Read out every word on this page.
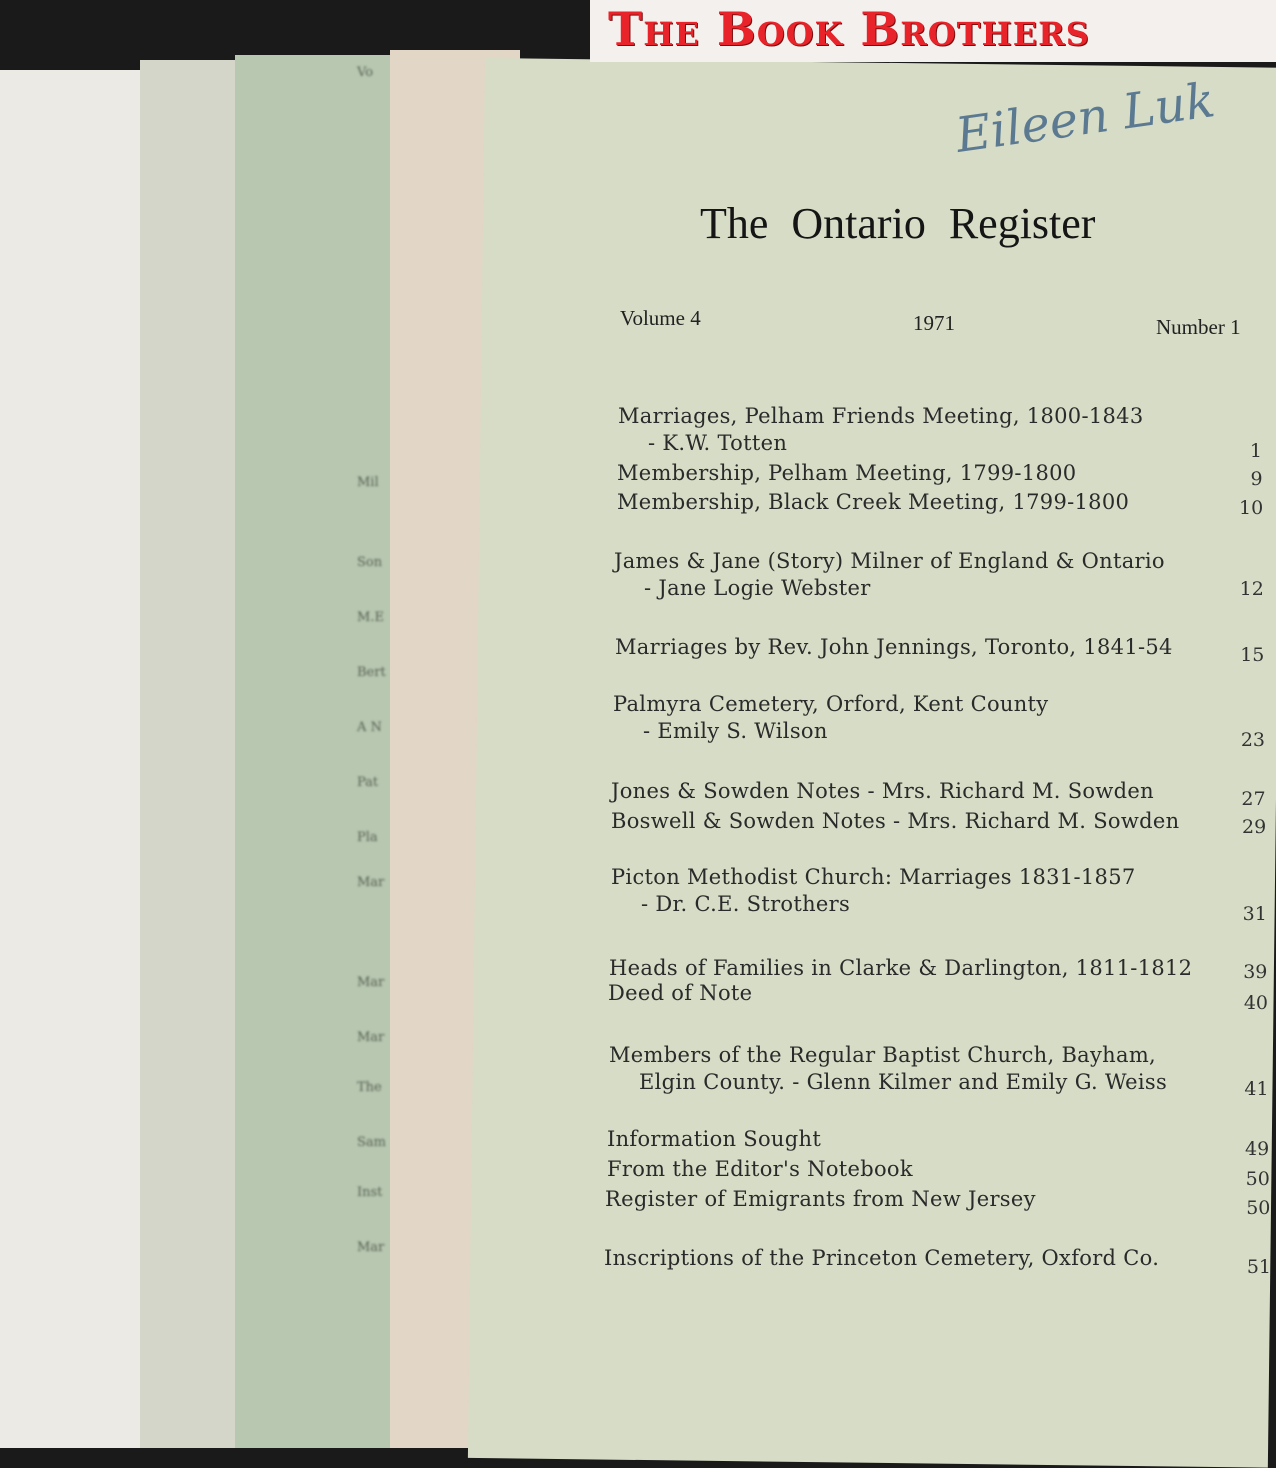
Vo
Mil
Son
M.E
Bert
A N
Pat
Pla
Mar
Mar
Mar
The
Sam
Inst
Mar
The Book Brothers
Eileen Luk
The Ontario Register
Volume 4	1971	Number 1
Marriages, Pelham Friends Meeting, 1800-1843
- K.W. Totten	1
Membership, Pelham Meeting, 1799-1800	9
Membership, Black Creek Meeting, 1799-1800	10
James & Jane (Story) Milner of England & Ontario
- Jane Logie Webster	12
Marriages by Rev. John Jennings, Toronto, 1841-54	15
Palmyra Cemetery, Orford, Kent County
- Emily S. Wilson	23
Jones & Sowden Notes - Mrs. Richard M. Sowden	27
Boswell & Sowden Notes - Mrs. Richard M. Sowden	29
Picton Methodist Church: Marriages 1831-1857
- Dr. C.E. Strothers	31
Heads of Families in Clarke & Darlington, 1811-1812	39
Deed of Note	40
Members of the Regular Baptist Church, Bayham,
Elgin County. - Glenn Kilmer and Emily G. Weiss	41
Information Sought	49
From the Editor's Notebook	50
Register of Emigrants from New Jersey	50
Inscriptions of the Princeton Cemetery, Oxford Co.	51
